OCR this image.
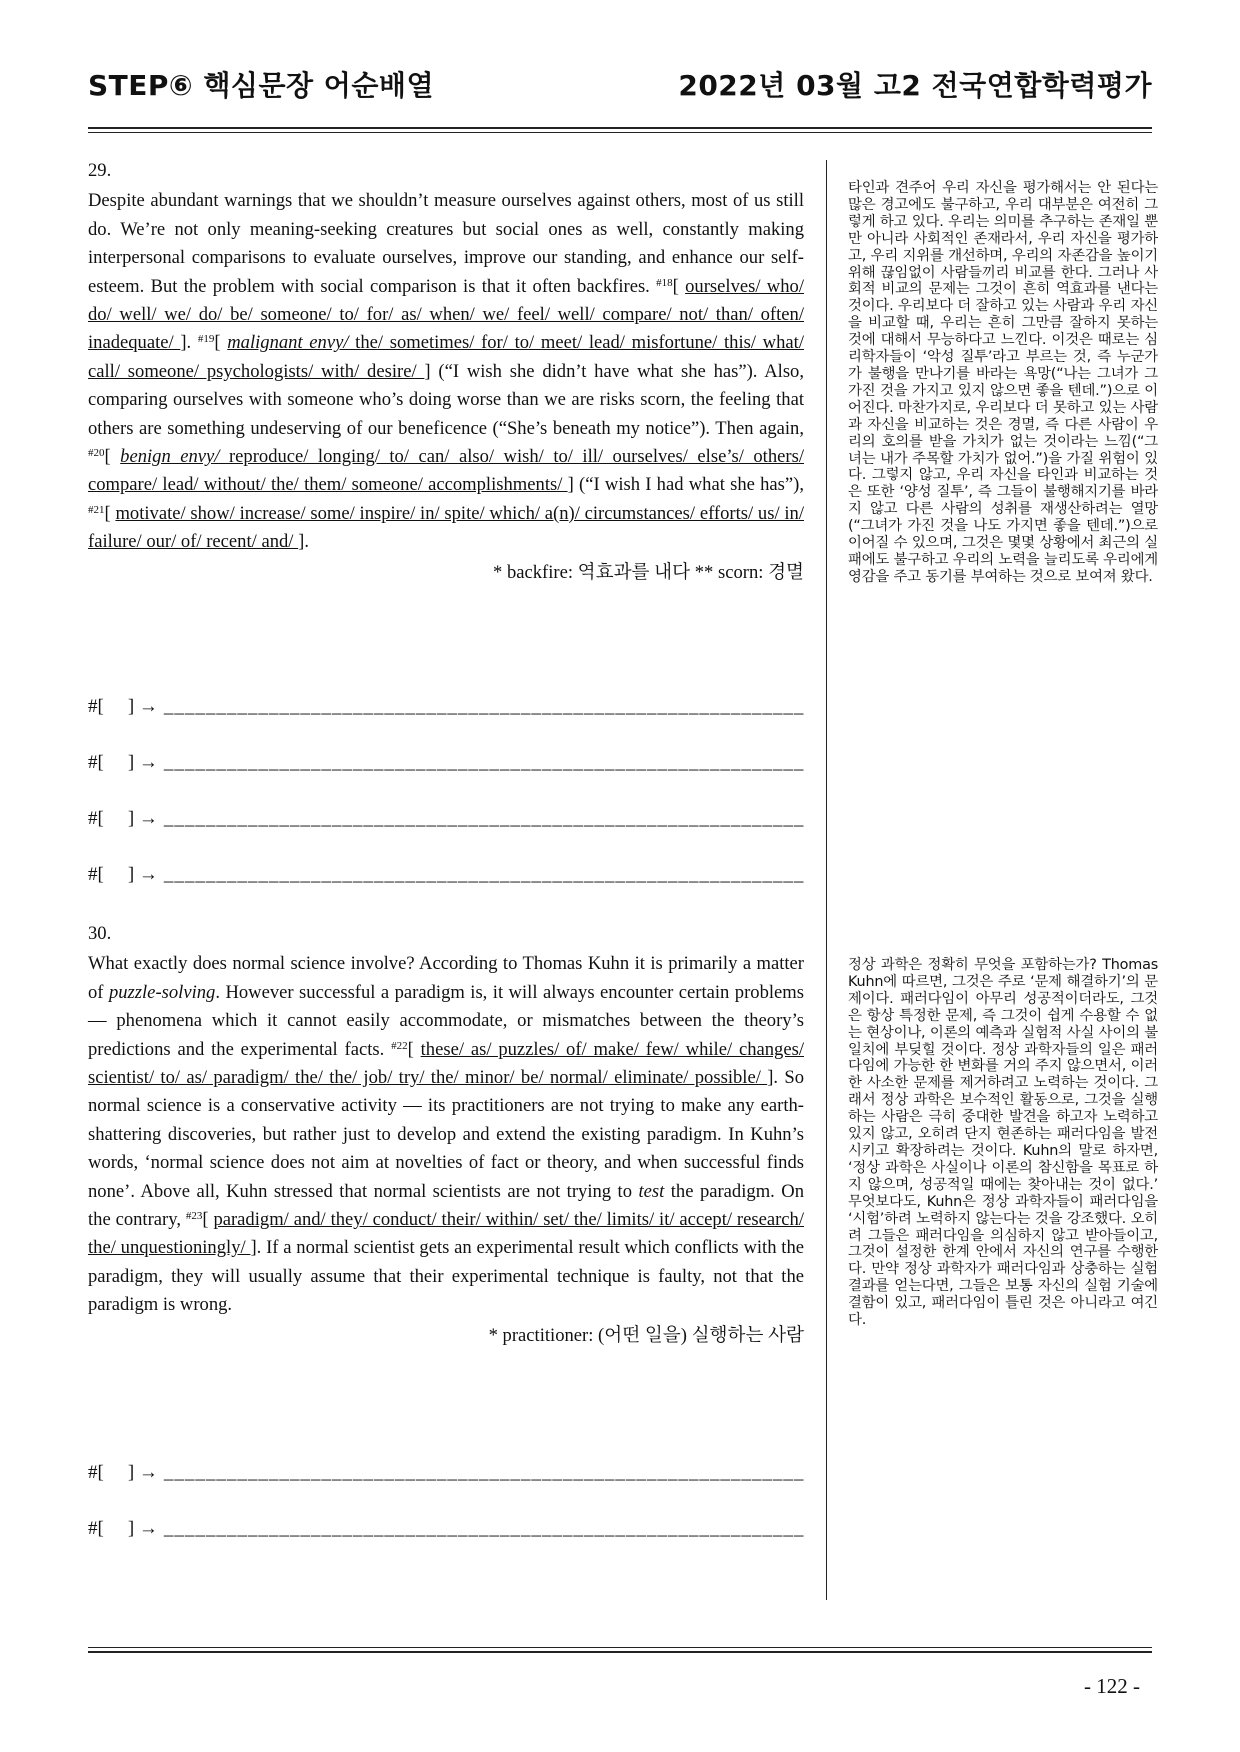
STEP⑥ 핵심문장 어순배열	2022년 03월 고2 전국연합학력평가
29.
Despite abundant warnings that we shouldn’t measure ourselves against others, most of us still do. We’re not only meaning-seeking creatures but social ones as well, constantly making interpersonal comparisons to evaluate ourselves, improve our standing, and enhance our self-esteem. But the problem with social comparison is that it often backfires. $^{\#18}$[ ourselves/ who/ do/ well/ we/ do/ be/ someone/ to/ for/ as/ when/ we/ feel/ well/ compare/ not/ than/ often/ inadequate/ ]. $^{\#19}$[ malignant envy/ the/ sometimes/ for/ to/ meet/ lead/ misfortune/ this/ what/ call/ someone/ psychologists/ with/ desire/ ] (“I wish she didn’t have what she has”). Also, comparing ourselves with someone who’s doing worse than we are risks scorn, the feeling that others are something undeserving of our beneficence (“She’s beneath my notice”). Then again, $^{\#20}$[ benign envy/ reproduce/ longing/ to/ can/ also/ wish/ to/ ill/ ourselves/ else’s/ others/ compare/ lead/ without/ the/ them/ someone/ accomplishments/ ] (“I wish I had what she has”), $^{\#21}$[ motivate/ show/ increase/ some/ inspire/ in/ spite/ which/ a(n)/ circumstances/ efforts/ us/ in/ failure/ our/ of/ recent/ and/ ].
* backfire: 역효과를 내다 ** scorn: 경멸
타인과 견주어 우리 자신을 평가해서는 안 된다는 많은 경고에도 불구하고, 우리 대부분은 여전히 그렇게 하고 있다. 우리는 의미를 추구하는 존재일 뿐만 아니라 사회적인 존재라서, 우리 자신을 평가하고, 우리 지위를 개선하며, 우리의 자존감을 높이기 위해 끊임없이 사람들끼리 비교를 한다. 그러나 사회적 비교의 문제는 그것이 흔히 역효과를 낸다는 것이다. 우리보다 더 잘하고 있는 사람과 우리 자신을 비교할 때, 우리는 흔히 그만큼 잘하지 못하는 것에 대해서 무능하다고 느낀다. 이것은 때로는 심리학자들이 ‘악성 질투’라고 부르는 것, 즉 누군가가 불행을 만나기를 바라는 욕망(“나는 그녀가 그 가진 것을 가지고 있지 않으면 좋을 텐데.”)으로 이어진다. 마찬가지로, 우리보다 더 못하고 있는 사람과 자신을 비교하는 것은 경멸, 즉 다른 사람이 우리의 호의를 받을 가치가 없는 것이라는 느낌(“그녀는 내가 주목할 가치가 없어.”)을 가질 위험이 있다. 그렇지 않고, 우리 자신을 타인과 비교하는 것은 또한 ‘양성 질투’, 즉 그들이 불행해지기를 바라지 않고 다른 사람의 성취를 재생산하려는 열망(“그녀가 가진 것을 나도 가지면 좋을 텐데.”)으로 이어질 수 있으며, 그것은 몇몇 상황에서 최근의 실패에도 불구하고 우리의 노력을 늘리도록 우리에게 영감을 주고 동기를 부여하는 것으로 보여져 왔다.
#[ ] → _____________________________________________________________
#[ ] → _____________________________________________________________
#[ ] → _____________________________________________________________
#[ ] → _____________________________________________________________
30.
What exactly does normal science involve? According to Thomas Kuhn it is primarily a matter of puzzle-solving. However successful a paradigm is, it will always encounter certain problems — phenomena which it cannot easily accommodate, or mismatches between the theory’s predictions and the experimental facts. $^{\#22}$[ these/ as/ puzzles/ of/ make/ few/ while/ changes/ scientist/ to/ as/ paradigm/ the/ the/ job/ try/ the/ minor/ be/ normal/ eliminate/ possible/ ]. So normal science is a conservative activity — its practitioners are not trying to make any earth-shattering discoveries, but rather just to develop and extend the existing paradigm. In Kuhn’s words, ‘normal science does not aim at novelties of fact or theory, and when successful finds none’. Above all, Kuhn stressed that normal scientists are not trying to test the paradigm. On the contrary, $^{\#23}$[ paradigm/ and/ they/ conduct/ their/ within/ set/ the/ limits/ it/ accept/ research/ the/ unquestioningly/ ]. If a normal scientist gets an experimental result which conflicts with the paradigm, they will usually assume that their experimental technique is faulty, not that the paradigm is wrong.
* practitioner: (어떤 일을) 실행하는 사람
정상 과학은 정확히 무엇을 포함하는가? Thomas Kuhn에 따르면, 그것은 주로 ‘문제 해결하기’의 문제이다. 패러다임이 아무리 성공적이더라도, 그것은 항상 특정한 문제, 즉 그것이 쉽게 수용할 수 없는 현상이나, 이론의 예측과 실험적 사실 사이의 불일치에 부딪힐 것이다. 정상 과학자들의 일은 패러다임에 가능한 한 변화를 거의 주지 않으면서, 이러한 사소한 문제를 제거하려고 노력하는 것이다. 그래서 정상 과학은 보수적인 활동으로, 그것을 실행하는 사람은 극히 중대한 발견을 하고자 노력하고 있지 않고, 오히려 단지 현존하는 패러다임을 발전시키고 확장하려는 것이다. Kuhn의 말로 하자면, ‘정상 과학은 사실이나 이론의 참신함을 목표로 하지 않으며, 성공적일 때에는 찾아내는 것이 없다.’ 무엇보다도, Kuhn은 정상 과학자들이 패러다임을 ‘시험’하려 노력하지 않는다는 것을 강조했다. 오히려 그들은 패러다임을 의심하지 않고 받아들이고, 그것이 설정한 한계 안에서 자신의 연구를 수행한다. 만약 정상 과학자가 패러다임과 상충하는 실험 결과를 얻는다면, 그들은 보통 자신의 실험 기술에 결함이 있고, 패러다임이 틀린 것은 아니라고 여긴다.
#[ ] → _____________________________________________________________
#[ ] → _____________________________________________________________
- 122 -
